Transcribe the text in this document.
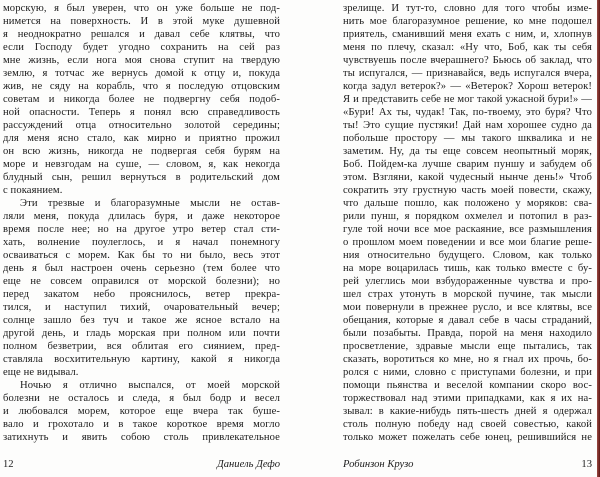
морскую, я был уверен, что он уже больше не под-
нимется на поверхность. И в этой муке душевной
я неоднократно решался и давал себе клятвы, что
если Господу будет угодно сохранить на сей раз
мне жизнь, если нога моя снова ступит на твердую
землю, я тотчас же вернусь домой к отцу и, покуда
жив, не сяду на корабль, что я последую отцовским
советам и никогда более не подвергну себя подоб-
ной опасности. Теперь я понял всю справедливость
рассуждений отца относительно золотой середины;
для меня ясно стало, как мирно и приятно прожил
он всю жизнь, никогда не подвергая себя бурям на
море и невзгодам на суше, — словом, я, как некогда
блудный сын, решил вернуться в родительский дом
с покаянием.
Эти трезвые и благоразумные мысли не остав-
ляли меня, покуда длилась буря, и даже некоторое
время после нее; но на другое утро ветер стал сти-
хать, волнение поулеглось, и я начал понемногу
осваиваться с морем. Как бы то ни было, весь этот
день я был настроен очень серьезно (тем более что
еще не совсем оправился от морской болезни); но
перед закатом небо прояснилось, ветер прекра-
тился, и наступил тихий, очаровательный вечер;
солнце зашло без туч и такое же ясное встало на
другой день, и гладь морская при полном или почти
полном безветрии, вся облитая его сиянием, пред-
ставляла восхитительную картину, какой я никогда
еще не видывал.
Ночью я отлично выспался, от моей морской
болезни не осталось и следа, я был бодр и весел
и любовался морем, которое еще вчера так буше-
вало и грохотало и в такое короткое время могло
затихнуть и явить собою столь привлекательное
12	Даниель Дефо
зрелище. И тут-то, словно для того чтобы изме-
нить мое благоразумное решение, ко мне подошел
приятель, сманивший меня ехать с ним, и, хлопнув
меня по плечу, сказал: «Ну что, Боб, как ты себя
чувствуешь после вчерашнего? Бьюсь об заклад, что
ты испугался, — признавайся, ведь испугался вчера,
когда задул ветерок?» — «Ветерок? Хорош ветерок!
Я и представить себе не мог такой ужасной бури!» —
«Бури! Ах ты, чудак! Так, по-твоему, это буря? Что
ты! Это сущие пустяки! Дай нам хорошее судно да
побольше простору — мы такого шквалика и не
заметим. Ну, да ты еще совсем неопытный моряк,
Боб. Пойдем-ка лучше сварим пуншу и забудем об
этом. Взгляни, какой чудесный нынче день!» Чтоб
сократить эту грустную часть моей повести, скажу,
что дальше пошло, как положено у моряков: сва-
рили пунш, я порядком охмелел и потопил в раз-
гуле той ночи все мое раскаяние, все размышления
о прошлом моем поведении и все мои благие реше-
ния относительно будущего. Словом, как только
на море воцарилась тишь, как только вместе с бу-
рей улеглись мои взбудораженные чувства и про-
шел страх утонуть в морской пучине, так мысли
мои повернули в прежнее русло, и все клятвы, все
обещания, которые я давал себе в часы страданий,
были позабыты. Правда, порой на меня находило
просветление, здравые мысли еще пытались, так
сказать, воротиться ко мне, но я гнал их прочь, бо-
ролся с ними, словно с приступами болезни, и при
помощи пьянства и веселой компании скоро вос-
торжествовал над этими припадками, как я их на-
зывал: в какие-нибудь пять-шесть дней я одержал
столь полную победу над своей совестью, какой
только может пожелать себе юнец, решившийся не
Робинзон Крузо	13
